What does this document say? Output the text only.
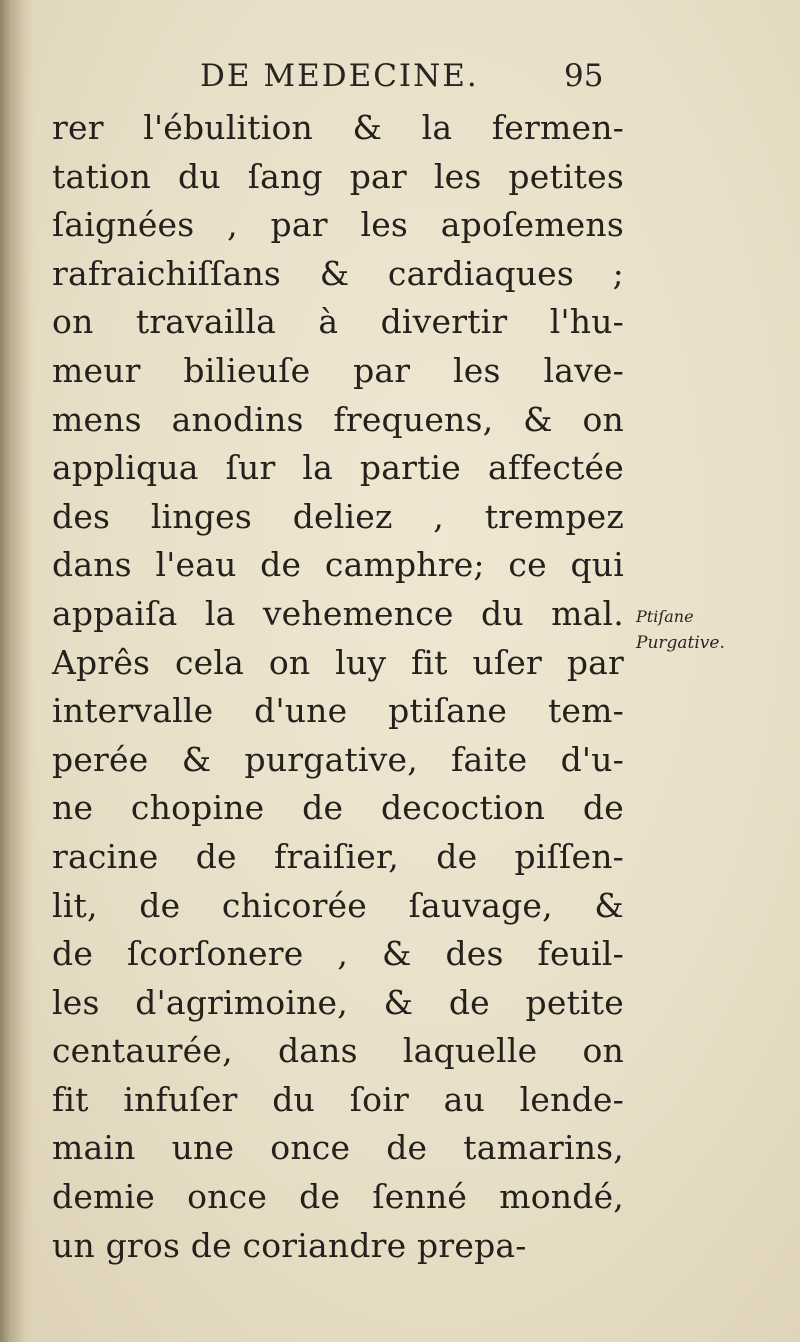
DE MEDECINE.	95
rer l'ébulition & la fermen-
tation du ſang par les petites
ſaignées , par les apoſemens
rafraichiſſans & cardiaques ;
on travailla à divertir l'hu-
meur bilieuſe par les lave-
mens anodins frequens, & on
appliqua ſur la partie affectée
des linges deliez , trempez
dans l'eau de camphre; ce qui
appaiſa la vehemence du mal.
Aprês cela on luy fit uſer par
intervalle d'une ptiſane tem-
perée & purgative, faite d'u-
ne chopine de decoction de
racine de fraiſier, de piſſen-
lit, de chicorée ſauvage, &
de ſcorſonere , & des feuil-
les d'agrimoine, & de petite
centaurée, dans laquelle on
fit infuſer du ſoir au lende-
main une once de tamarins,
demie once de ſenné mondé,
un gros de coriandre prepa-
Ptiſane
Purgative.
